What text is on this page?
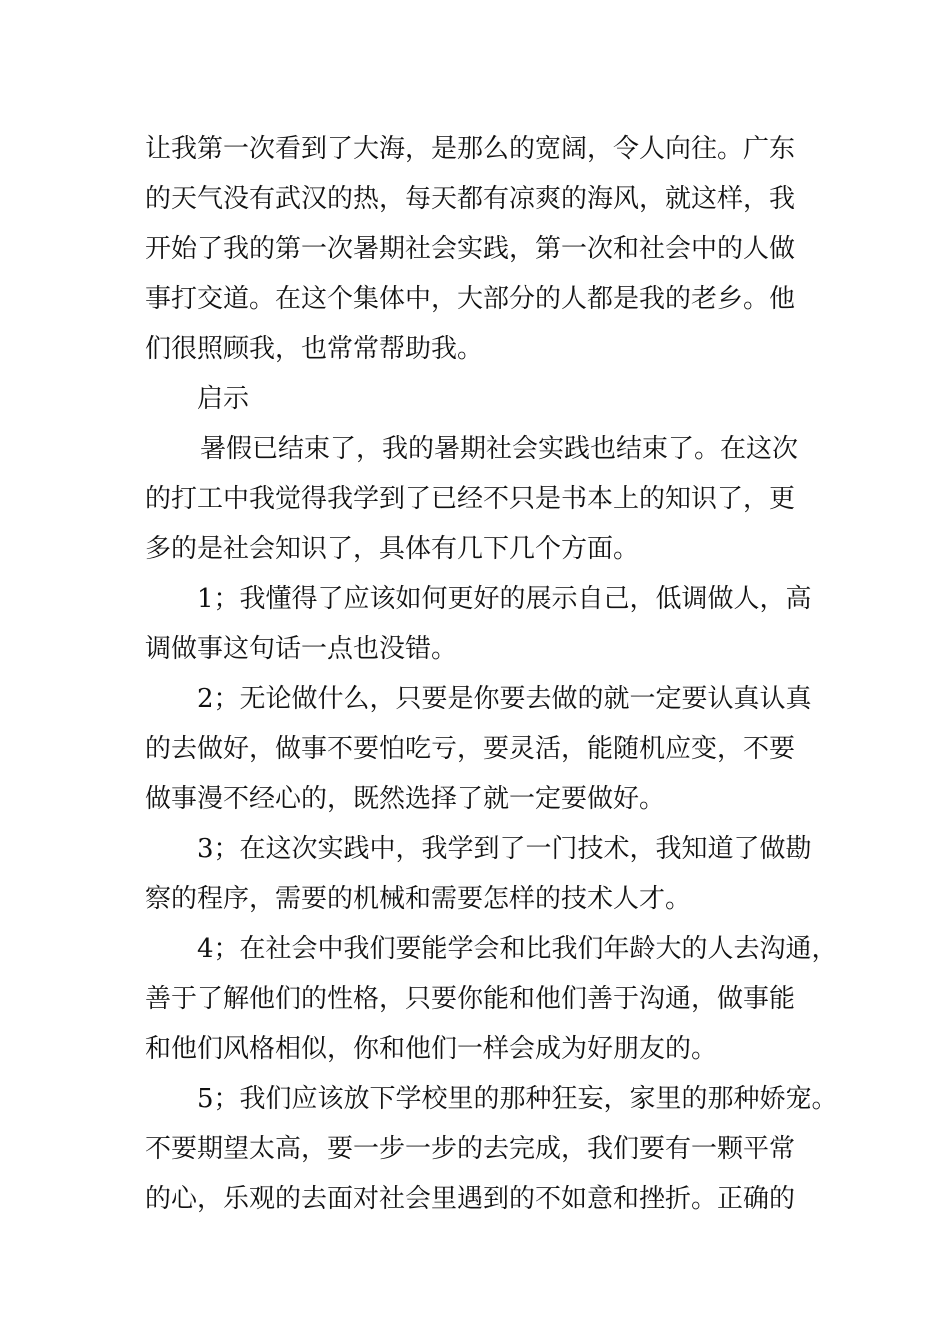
让我第一次看到了大海，是那么的宽阔，令人向往。广东
的天气没有武汉的热，每天都有凉爽的海风，就这样，我
开始了我的第一次暑期社会实践，第一次和社会中的人做
事打交道。在这个集体中，大部分的人都是我的老乡。他
们很照顾我，也常常帮助我。
启示
暑假已结束了，我的暑期社会实践也结束了。在这次
的打工中我觉得我学到了已经不只是书本上的知识了，更
多的是社会知识了，具体有几下几个方面。
1；我懂得了应该如何更好的展示自己，低调做人，高
调做事这句话一点也没错。
2；无论做什么，只要是你要去做的就一定要认真认真
的去做好，做事不要怕吃亏，要灵活，能随机应变，不要
做事漫不经心的，既然选择了就一定要做好。
3；在这次实践中，我学到了一门技术，我知道了做勘
察的程序，需要的机械和需要怎样的技术人才。
4；在社会中我们要能学会和比我们年龄大的人去沟通，
善于了解他们的性格，只要你能和他们善于沟通，做事能
和他们风格相似，你和他们一样会成为好朋友的。
5；我们应该放下学校里的那种狂妄，家里的那种娇宠。
不要期望太高，要一步一步的去完成，我们要有一颗平常
的心，乐观的去面对社会里遇到的不如意和挫折。正确的
